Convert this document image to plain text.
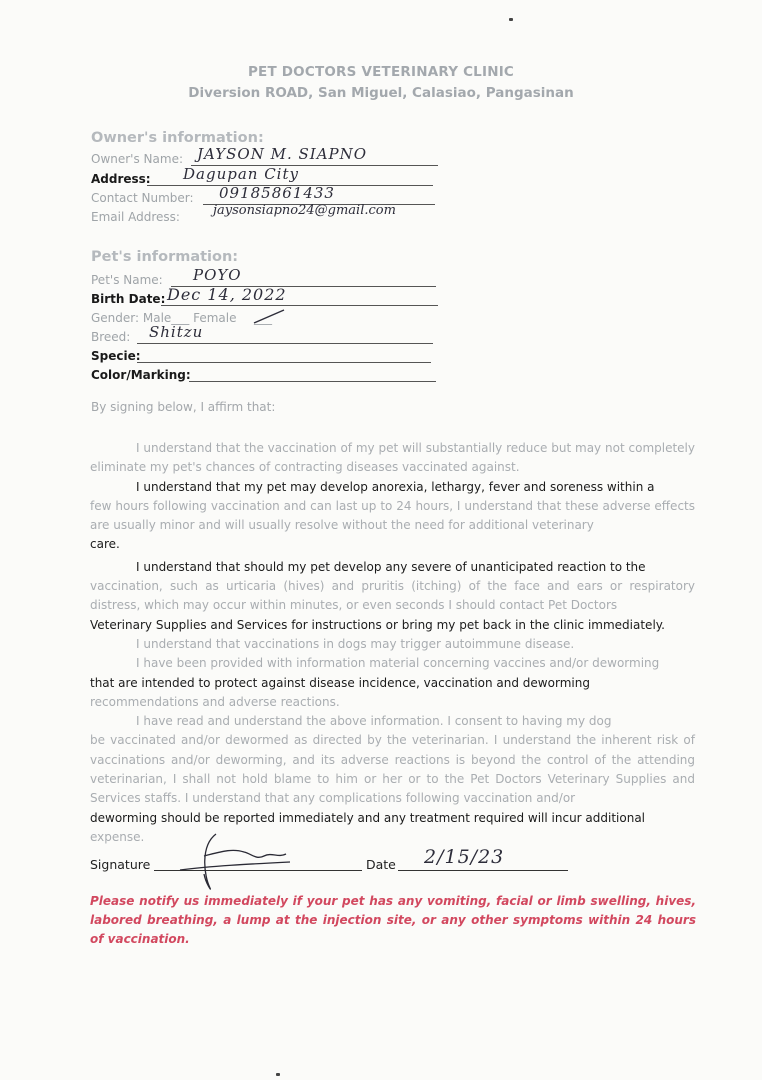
PET DOCTORS VETERINARY CLINIC
Diversion ROAD, San Miguel, Calasiao, Pangasinan
Owner's information:
Owner's Name: JAYSON M. SIAPNO
Address: Dagupan City
Contact Number: 09185861433
Email Address:	jaysonsiapno24@gmail.com
Pet's information:
Pet's Name: POYO
Birth Date: Dec 14, 2022
Gender: Male___ Female ___
Breed: Shitzu
Specie:
Color/Marking:
By signing below, I affirm that:
I understand that the vaccination of my pet will substantially reduce but may not completely eliminate my pet's chances of contracting diseases vaccinated against.
I understand that my pet may develop anorexia, lethargy, fever and soreness within a
few hours following vaccination and can last up to 24 hours, I understand that these adverse effects are usually minor and will usually resolve without the need for additional veterinary
care.
I understand that should my pet develop any severe of unanticipated reaction to the
vaccination, such as urticaria (hives) and pruritis (itching) of the face and ears or respiratory distress, which may occur within minutes, or even seconds I should contact Pet Doctors
Veterinary Supplies and Services for instructions or bring my pet back in the clinic immediately.
I understand that vaccinations in dogs may trigger autoimmune disease.
I have been provided with information material concerning vaccines and/or deworming
that are intended to protect against disease incidence, vaccination and deworming
recommendations and adverse reactions.
I have read and understand the above information. I consent to having my dog
be vaccinated and/or dewormed as directed by the veterinarian. I understand the inherent risk of vaccinations and/or deworming, and its adverse reactions is beyond the control of the attending veterinarian, I shall not hold blame to him or her or to the Pet Doctors Veterinary Supplies and Services staffs. I understand that any complications following vaccination and/or
deworming should be reported immediately and any treatment required will incur additional
expense.
Signature	Date 2/15/23
Please notify us immediately if your pet has any vomiting, facial or limb swelling, hives, labored breathing, a lump at the injection site, or any other symptoms within 24 hours of vaccination.
